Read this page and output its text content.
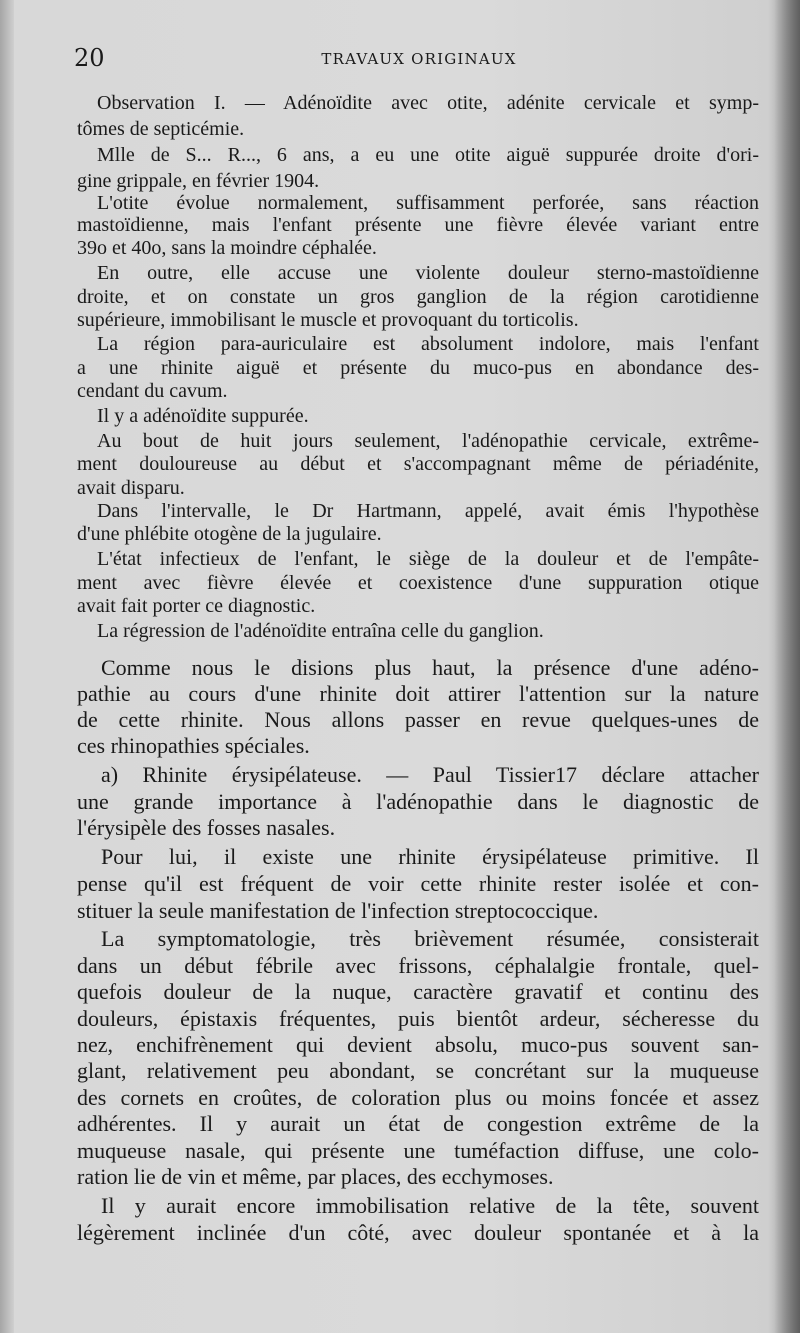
20	TRAVAUX ORIGINAUX

Observation I. — Adénoïdite avec otite, adénite cervicale et symp-

tômes de septicémie.

Mlle de S... R..., 6 ans, a eu une otite aiguë suppurée droite d'ori-

gine grippale, en février 1904.

L'otite évolue normalement, suffisamment perforée, sans réaction

mastoïdienne, mais l'enfant présente une fièvre élevée variant entre

39o et 40o, sans la moindre céphalée.

En outre, elle accuse une violente douleur sterno-mastoïdienne

droite, et on constate un gros ganglion de la région carotidienne

supérieure, immobilisant le muscle et provoquant du torticolis.

La région para-auriculaire est absolument indolore, mais l'enfant

a une rhinite aiguë et présente du muco-pus en abondance des-

cendant du cavum.

Il y a adénoïdite suppurée.

Au bout de huit jours seulement, l'adénopathie cervicale, extrême-

ment douloureuse au début et s'accompagnant même de périadénite,

avait disparu.

Dans l'intervalle, le Dr Hartmann, appelé, avait émis l'hypothèse

d'une phlébite otogène de la jugulaire.

L'état infectieux de l'enfant, le siège de la douleur et de l'empâte-

ment avec fièvre élevée et coexistence d'une suppuration otique

avait fait porter ce diagnostic.

La régression de l'adénoïdite entraîna celle du ganglion.

Comme nous le disions plus haut, la présence d'une adéno-

pathie au cours d'une rhinite doit attirer l'attention sur la nature

de cette rhinite. Nous allons passer en revue quelques-unes de

ces rhinopathies spéciales.

a) Rhinite érysipélateuse. — Paul Tissier17 déclare attacher

une grande importance à l'adénopathie dans le diagnostic de

l'érysipèle des fosses nasales.

Pour lui, il existe une rhinite érysipélateuse primitive. Il

pense qu'il est fréquent de voir cette rhinite rester isolée et con-

stituer la seule manifestation de l'infection streptococcique.

La symptomatologie, très brièvement résumée, consisterait

dans un début fébrile avec frissons, céphalalgie frontale, quel-

quefois douleur de la nuque, caractère gravatif et continu des

douleurs, épistaxis fréquentes, puis bientôt ardeur, sécheresse du

nez, enchifrènement qui devient absolu, muco-pus souvent san-

glant, relativement peu abondant, se concrétant sur la muqueuse

des cornets en croûtes, de coloration plus ou moins foncée et assez

adhérentes. Il y aurait un état de congestion extrême de la

muqueuse nasale, qui présente une tuméfaction diffuse, une colo-

ration lie de vin et même, par places, des ecchymoses.

Il y aurait encore immobilisation relative de la tête, souvent

légèrement inclinée d'un côté, avec douleur spontanée et à la
